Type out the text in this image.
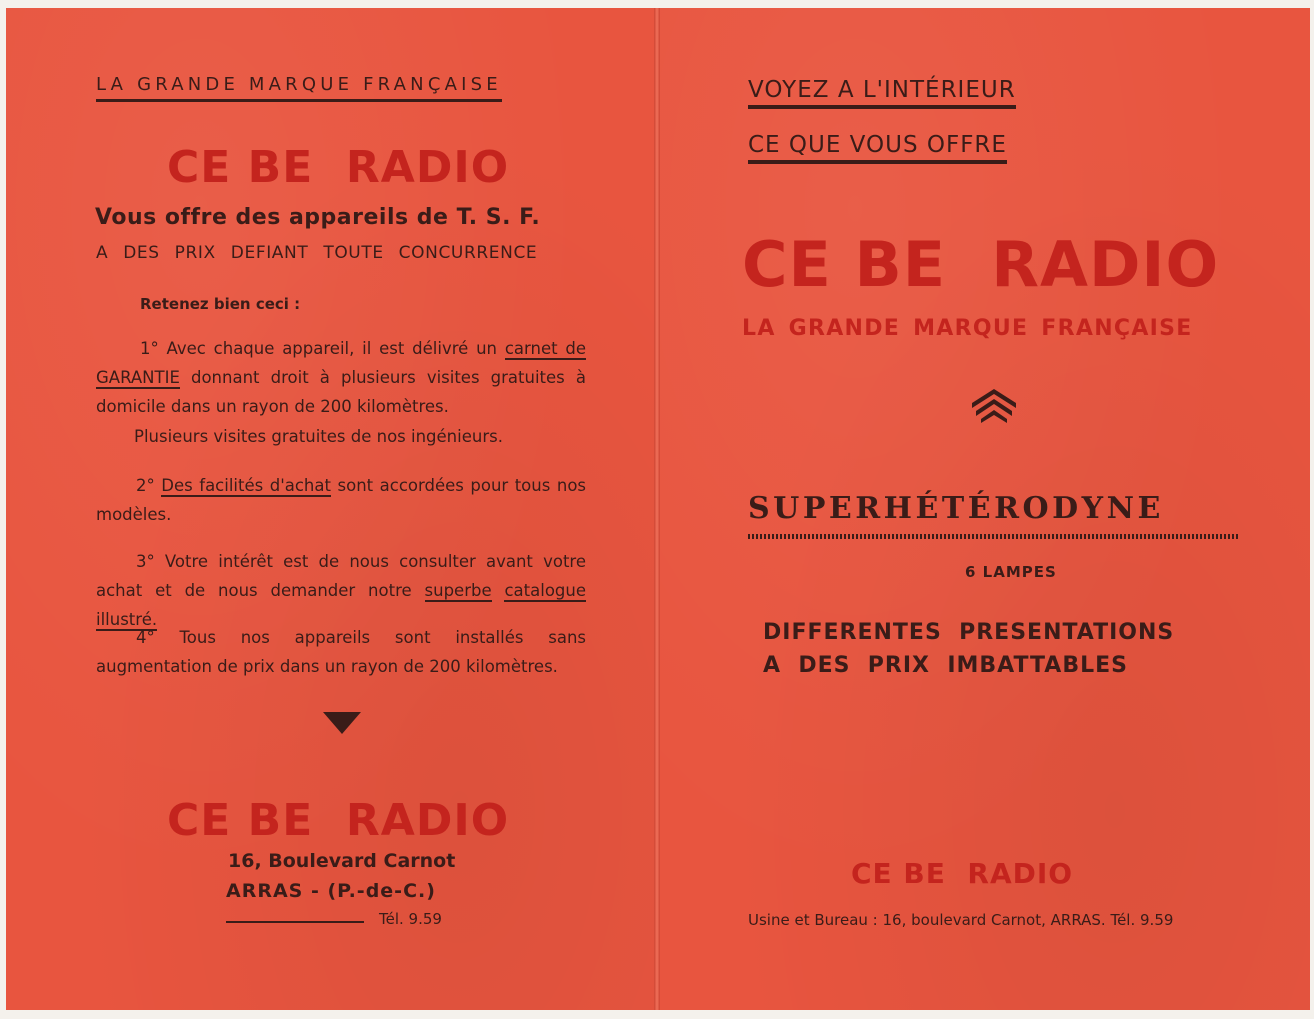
LA GRANDE MARQUE FRANÇAISE

CE BE  RADIO

Vous offre des appareils de T. S. F.

A DES PRIX DEFIANT TOUTE CONCURRENCE

Retenez bien ceci :

1° Avec chaque appareil, il est délivré un carnet de GARANTIE donnant droit à plusieurs visites gratuites à domicile dans un rayon de 200 kilomètres.

Plusieurs visites gratuites de nos ingénieurs.

2° Des facilités d'achat sont accordées pour tous nos modèles.
3° Votre intérêt est de nous consulter avant votre achat et de nous demander notre superbe catalogue illustré.
4° Tous nos appareils sont installés sans augmentation de prix dans un rayon de 200 kilomètres.

CE BE  RADIO

16, Boulevard Carnot

ARRAS - (P.-de-C.)

Tél. 9.59

VOYEZ A L'INTÉRIEUR

CE QUE VOUS OFFRE

CE BE  RADIO

LA GRANDE MARQUE FRANÇAISE

SUPERHÉTÉRODYNE

6 LAMPES

DIFFERENTES  PRESENTATIONS

A  DES  PRIX  IMBATTABLES

CE BE  RADIO

Usine et Bureau : 16, boulevard Carnot, ARRAS. Tél. 9.59
